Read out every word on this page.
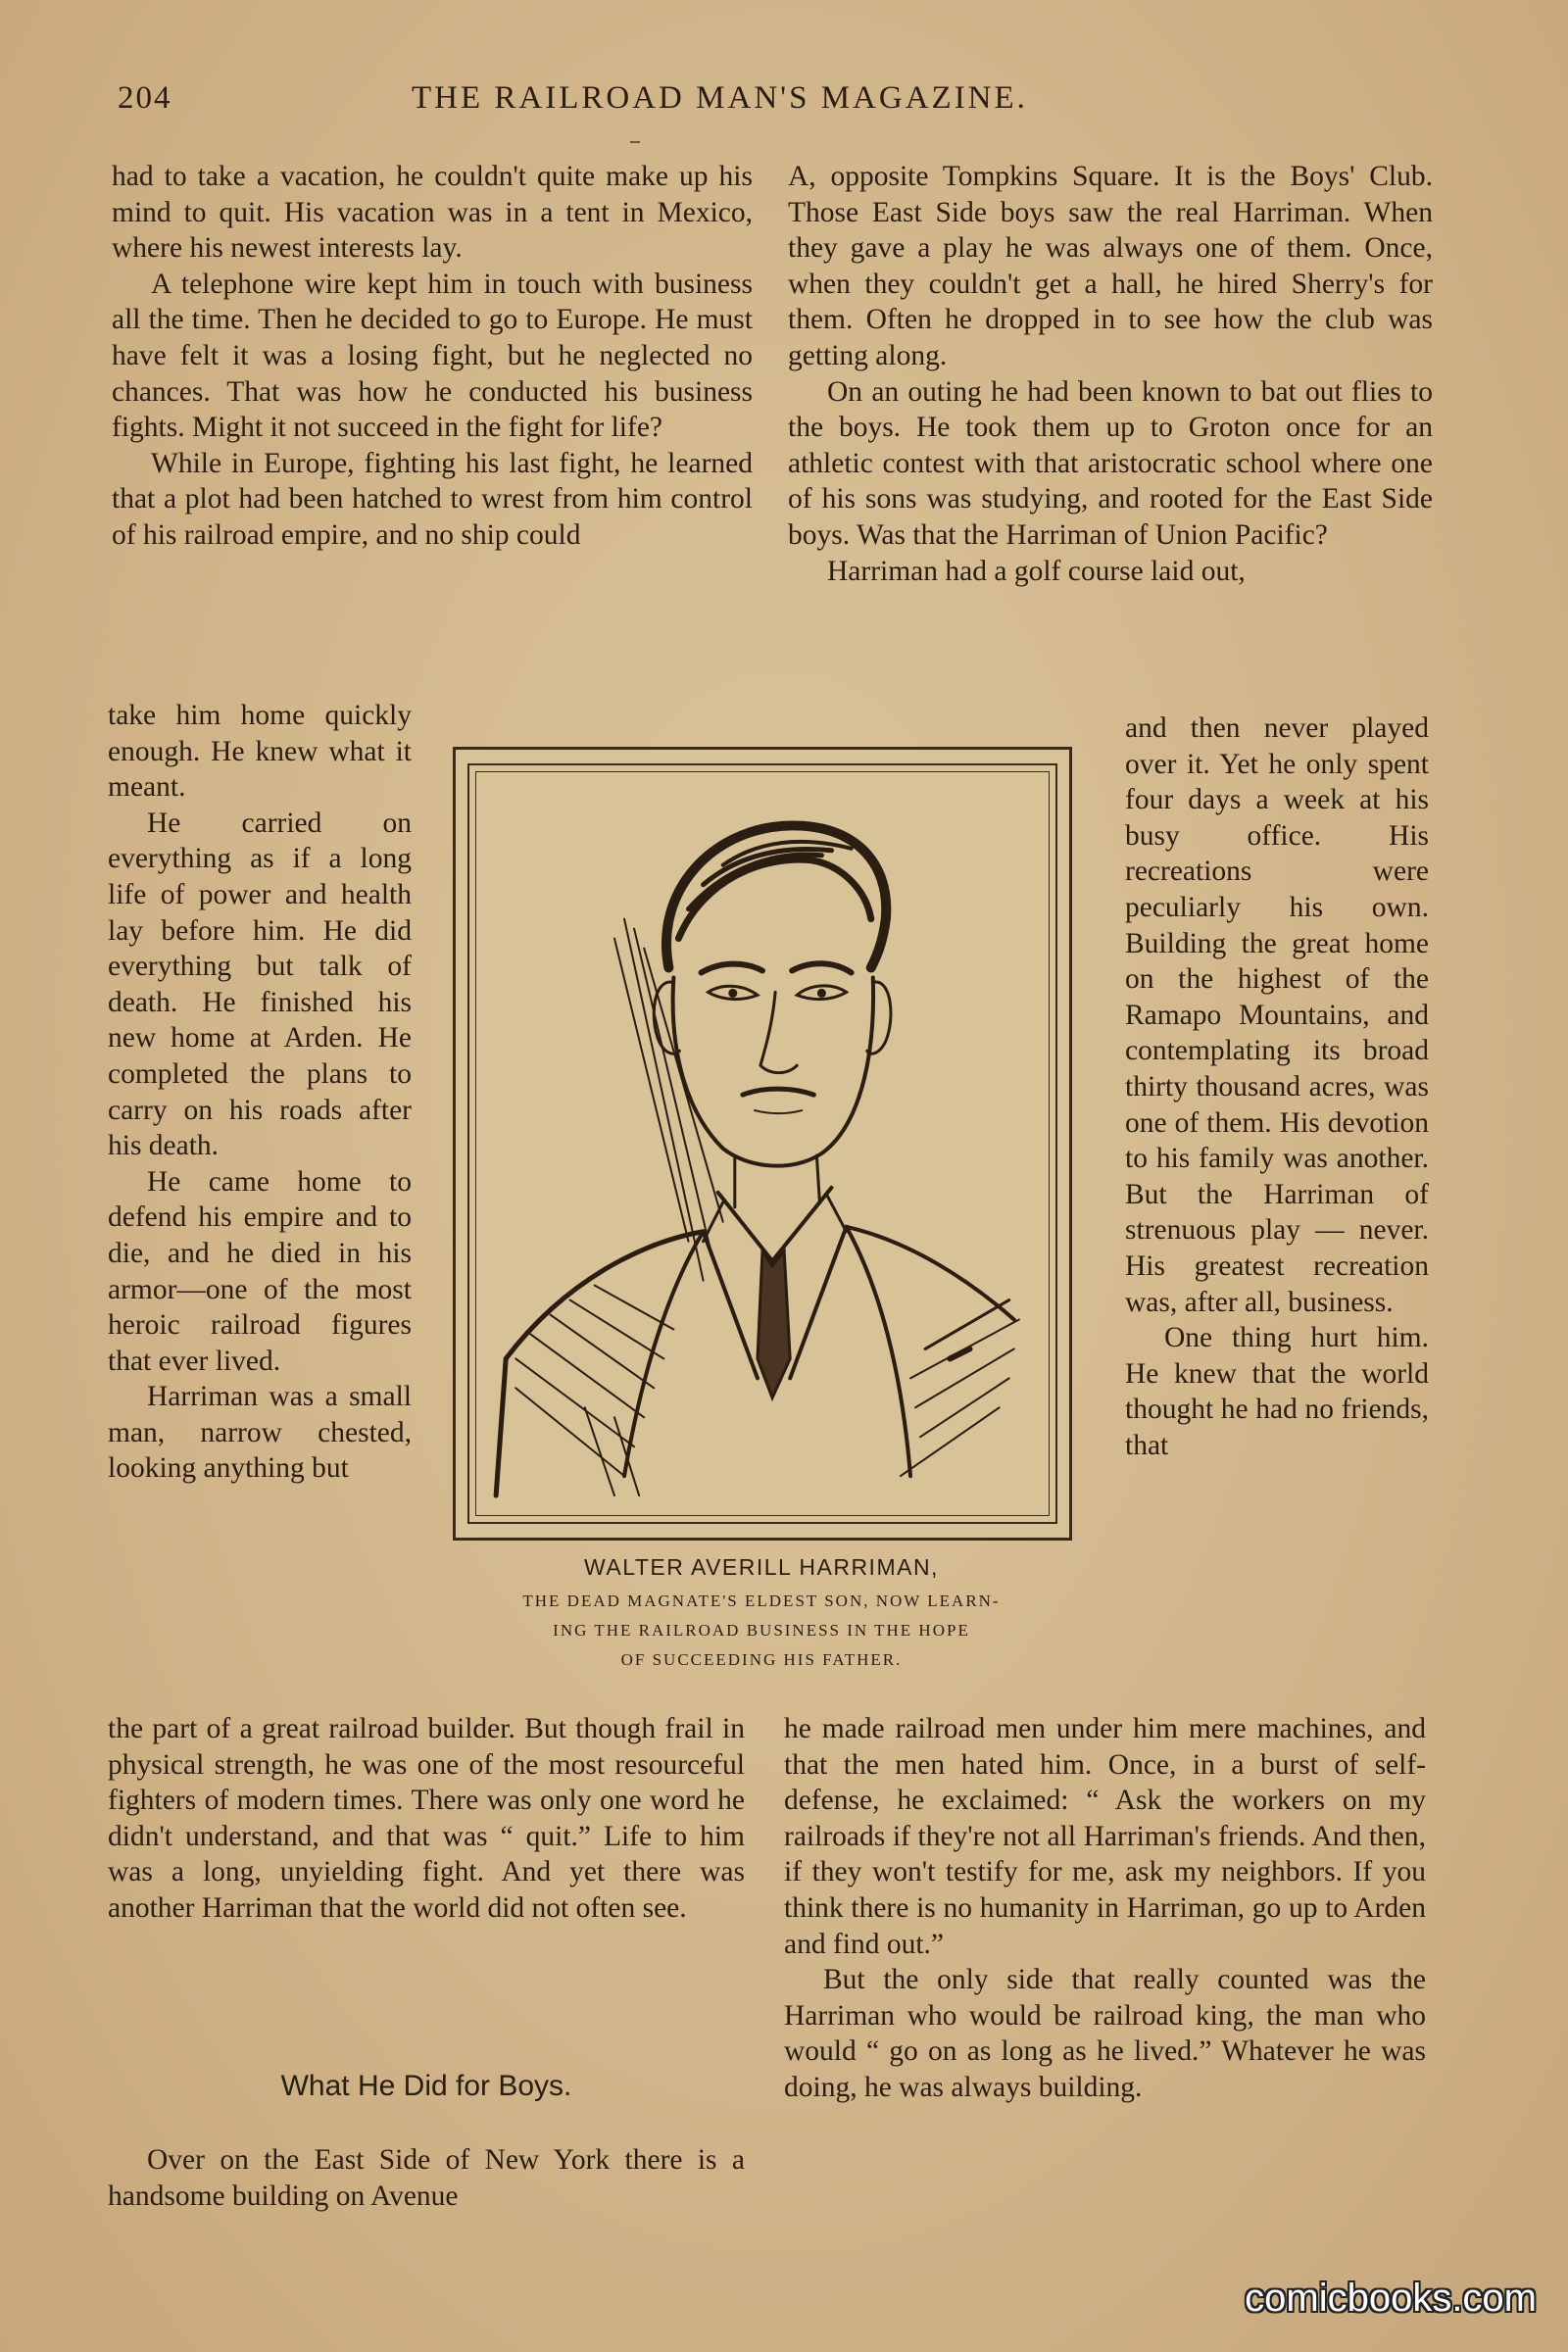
204	THE RAILROAD MAN'S MAGAZINE.

had to take a vacation, he couldn't quite make up his mind to quit. His vacation was in a tent in Mexico, where his newest interests lay.

A telephone wire kept him in touch with business all the time. Then he decided to go to Europe. He must have felt it was a losing fight, but he neglected no chances. That was how he conducted his business fights. Might it not succeed in the fight for life?

While in Europe, fighting his last fight, he learned that a plot had been hatched to wrest from him control of his railroad empire, and no ship could

A, opposite Tompkins Square. It is the Boys' Club. Those East Side boys saw the real Harriman. When they gave a play he was always one of them. Once, when they couldn't get a hall, he hired Sherry's for them. Often he dropped in to see how the club was getting along.

On an outing he had been known to bat out flies to the boys. He took them up to Groton once for an athletic contest with that aristocratic school where one of his sons was studying, and rooted for the East Side boys. Was that the Harriman of Union Pacific?

Harriman had a golf course laid out,

take him home quickly enough. He knew what it meant.

He carried on everything as if a long life of power and health lay before him. He did everything but talk of death. He finished his new home at Arden. He completed the plans to carry on his roads after his death.

He came home to defend his empire and to die, and he died in his armor—one of the most heroic railroad figures that ever lived.

Harriman was a small man, narrow chested, looking anything but

and then never played over it. Yet he only spent four days a week at his busy office. His recreations were peculiarly his own. Building the great home on the highest of the Ramapo Mountains, and contemplating its broad thirty thousand acres, was one of them. His devotion to his family was another. But the Harriman of strenuous play — never. His greatest recreation was, after all, business.

One thing hurt him. He knew that the world thought he had no friends, that

WALTER AVERILL HARRIMAN,
THE DEAD MAGNATE'S ELDEST SON, NOW LEARN-
ING THE RAILROAD BUSINESS IN THE HOPE
OF SUCCEEDING HIS FATHER.

the part of a great railroad builder. But though frail in physical strength, he was one of the most resourceful fighters of modern times. There was only one word he didn't understand, and that was “ quit.” Life to him was a long, unyielding fight. And yet there was another Harriman that the world did not often see.

What He Did for Boys.

Over on the East Side of New York there is a handsome building on Avenue

he made railroad men under him mere machines, and that the men hated him. Once, in a burst of self-defense, he exclaimed: “ Ask the workers on my railroads if they're not all Harriman's friends. And then, if they won't testify for me, ask my neighbors. If you think there is no humanity in Harriman, go up to Arden and find out.”

But the only side that really counted was the Harriman who would be railroad king, the man who would “ go on as long as he lived.” Whatever he was doing, he was always building.

comicbooks.com
